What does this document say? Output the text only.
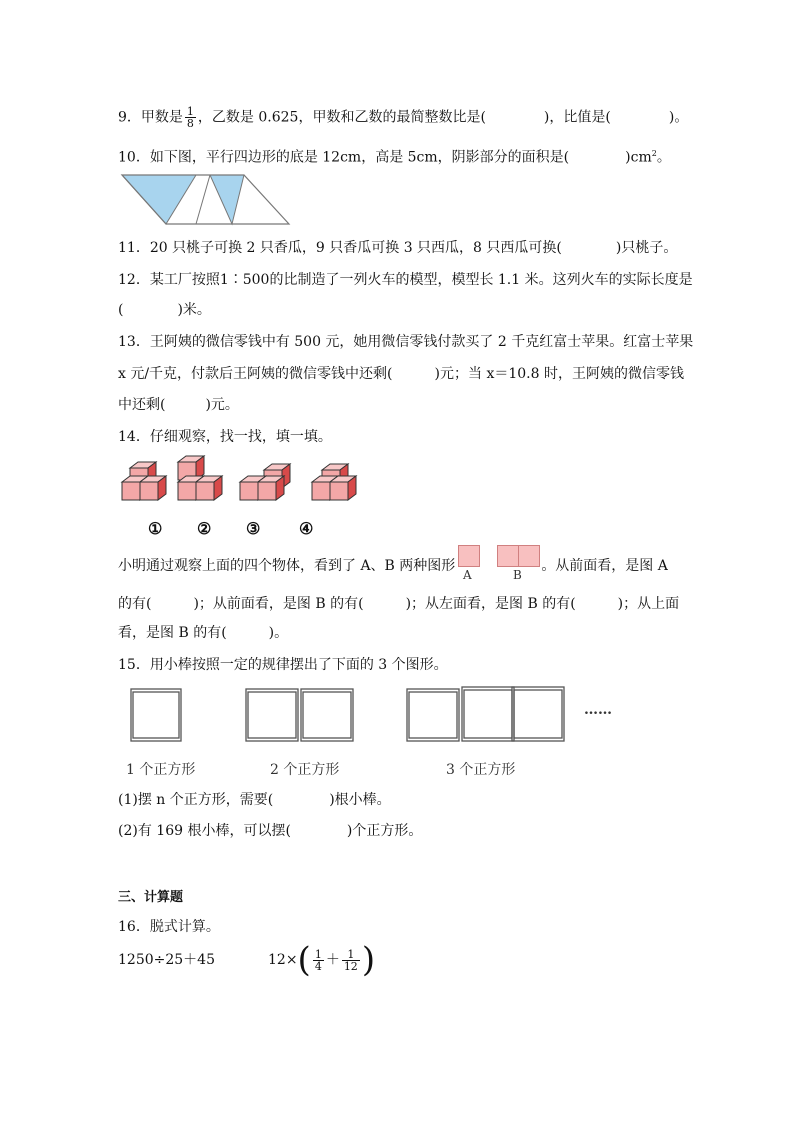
9．甲数是 $\frac{1}{8}$ ，乙数是 0.625，甲数和乙数的最简整数比是(	)，比值是(	)。
10．如下图，平行四边形的底是 12cm，高是 5cm，阴影部分的面积是(	)$cm^2$。
11．20 只桃子可换 2 只香瓜，9 只香瓜可换 3 只西瓜，8 只西瓜可换(	)只桃子。
12．某工厂按照1∶500的比制造了一列火车的模型，模型长 1.1 米。这列火车的实际长度是
(	)米。
13．王阿姨的微信零钱中有 500 元，她用微信零钱付款买了 2 千克红富士苹果。红富士苹果
x 元/千克，付款后王阿姨的微信零钱中还剩(	)元；当 x＝10.8 时，王阿姨的微信零钱
中还剩(	)元。
14．仔细观察，找一找，填一填。
① ② ③ ④
小明通过观察上面的四个物体，看到了 A、B 两种图形	。从前面看，是图 A
A	B
的有(　　　)；从前面看，是图 B 的有(　　　)；从左面看，是图 B 的有(　　　)；从上面
看，是图 B 的有(　　　)。
15．用小棒按照一定的规律摆出了下面的 3 个图形。
……
1 个正方形	2 个正方形	3 个正方形
(1)摆 n 个正方形，需要(　　　　)根小棒。
(2)有 169 根小棒，可以摆(　　　　)个正方形。
三、计算题
16．脱式计算。
1250÷25＋45	$12\times( \frac{1}{4} + \frac{1}{12}$ )
